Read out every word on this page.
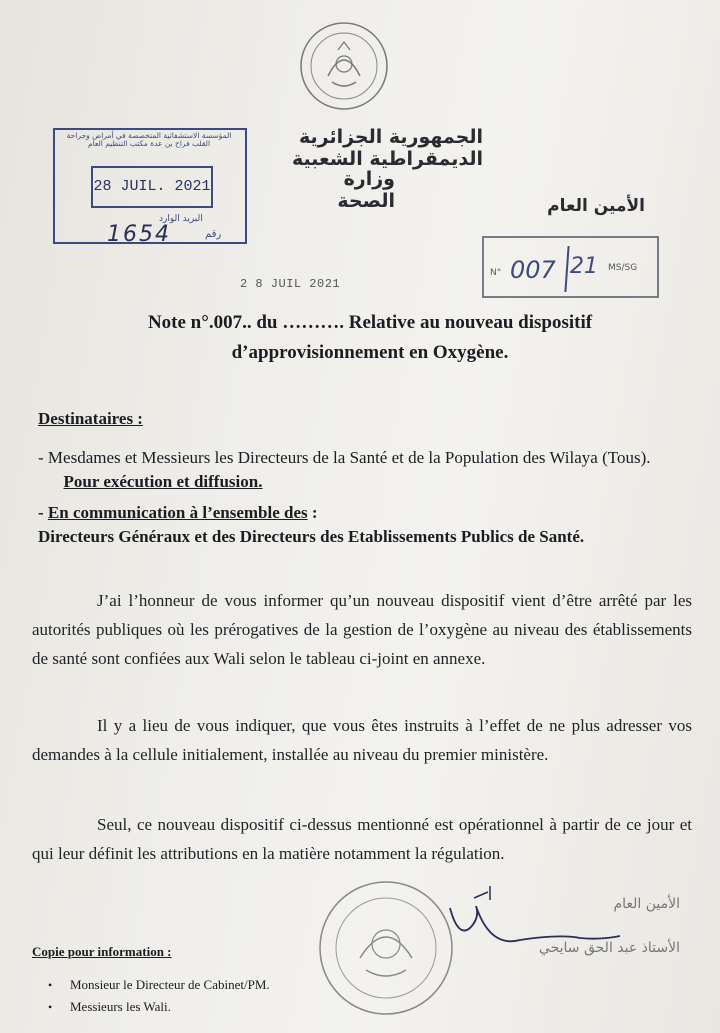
الجمهورية الجزائرية الديمقراطية الشعبية
وزارة الصحة	الأمين العام
المؤسسة الاستشفائية المتخصصة في أمراض وجراحة القلب فراح بن عدة مكتب التنظيم العام
28 JUIL. 2021
البريد الوارد
رقم
1654
2 8 JUIL 2021
N° 007 21 MS/SG
Note n°.007.. du ………. Relative au nouveau dispositif
d’approvisionnement en Oxygène.
Destinataires :
- Mesdames et Messieurs les Directeurs de la Santé et de la Population des Wilaya (Tous).       Pour exécution et diffusion.
- En communication à l’ensemble des :
Directeurs Généraux et des Directeurs des Etablissements Publics de Santé.
J’ai l’honneur de vous informer qu’un nouveau dispositif vient d’être arrêté par les autorités publiques où les prérogatives de la gestion de l’oxygène au niveau des établissements de santé sont confiées aux Wali selon le tableau ci-joint en annexe.
Il y a lieu de vous indiquer, que vous êtes instruits à l’effet de ne plus adresser vos demandes à la cellule initialement, installée au niveau du premier ministère.
Seul, ce nouveau dispositif ci-dessus mentionné est opérationnel à partir de ce jour et qui leur définit les attributions en la matière notamment la régulation.
الأمين العام
الأستاذ عبد الحق سايحي
Copie pour information :
• Monsieur le Directeur de Cabinet/PM.
• Messieurs les Wali.
